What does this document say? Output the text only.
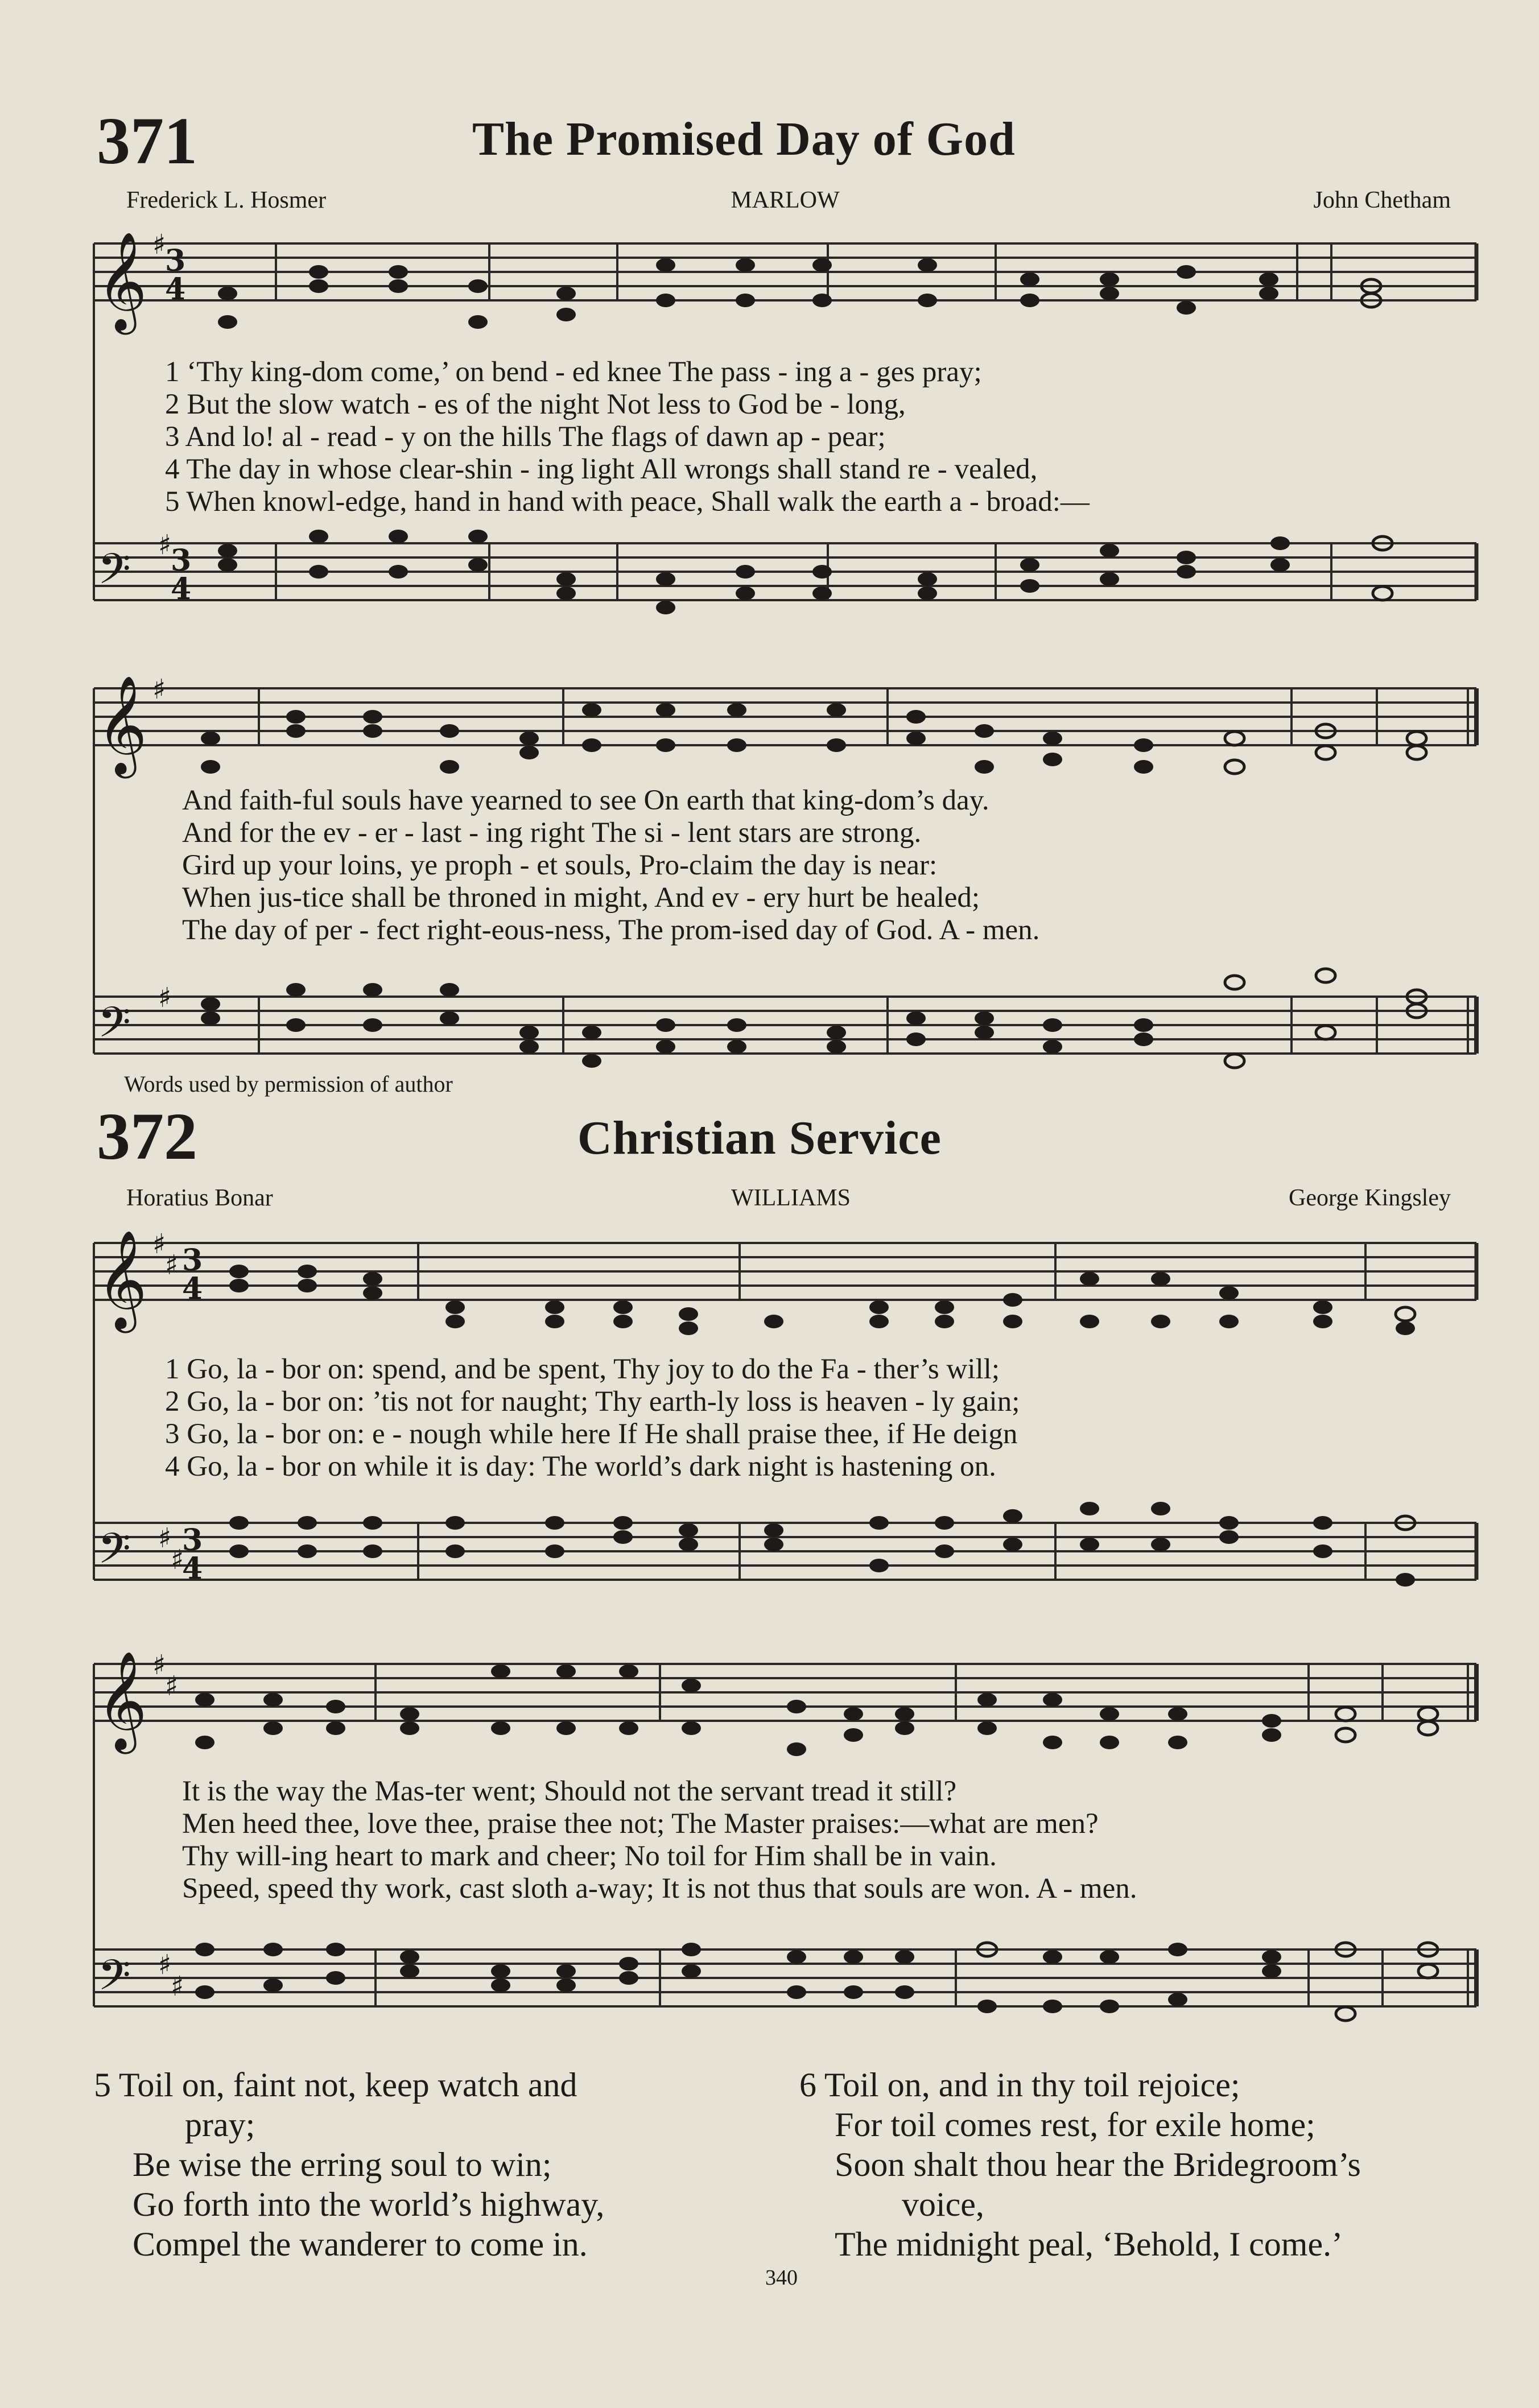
371	The Promised Day of God
Frederick L. Hosmer	MARLOW	John Chetham
𝄞
𝄞
𝄞
𝄞
𝄢
𝄢
𝄢
𝄢
3
4
3
4
3
4
3
4
♯
♯
♯
♯
♯
♯
♯
♯
♯
♯
♯
♯
1 ‘Thy king-dom come,’ on bend - ed knee The pass - ing a - ges pray;
2 But the slow watch - es of the night Not less to God be - long,
3 And lo! al - read - y on the hills The flags of dawn ap - pear;
4 The day in whose clear-shin - ing light All wrongs shall stand re - vealed,
5 When knowl-edge, hand in hand with peace, Shall walk the earth a - broad:—
And faith-ful souls have yearned to see On earth that king-dom’s day.
And for the ev - er - last - ing right The si - lent stars are strong.
Gird up your loins, ye proph - et souls, Pro-claim the day is near:
When jus-tice shall be throned in might, And ev - ery hurt be healed;
The day of per - fect right-eous-ness, The prom-ised day of God. A - men.
Words used by permission of author
372	Christian Service
Horatius Bonar	WILLIAMS	George Kingsley
1 Go, la - bor on: spend, and be spent, Thy joy to do the Fa - ther’s will;
2 Go, la - bor on: ’tis not for naught; Thy earth-ly loss is heaven - ly gain;
3 Go, la - bor on: e - nough while here If He shall praise thee, if He deign
4 Go, la - bor on while it is day: The world’s dark night is hastening on.
It is the way the Mas-ter went; Should not the servant tread it still?
Men heed thee, love thee, praise thee not; The Master praises:—what are men?
Thy will-ing heart to mark and cheer; No toil for Him shall be in vain.
Speed, speed thy work, cast sloth a-way; It is not thus that souls are won. A - men.
5 Toil on, faint not, keep watch and
pray;
Be wise the erring soul to win;
Go forth into the world’s highway,
Compel the wanderer to come in.
6 Toil on, and in thy toil rejoice;
For toil comes rest, for exile home;
Soon shalt thou hear the Bridegroom’s
voice,
The midnight peal, ‘Behold, I come.’
340
